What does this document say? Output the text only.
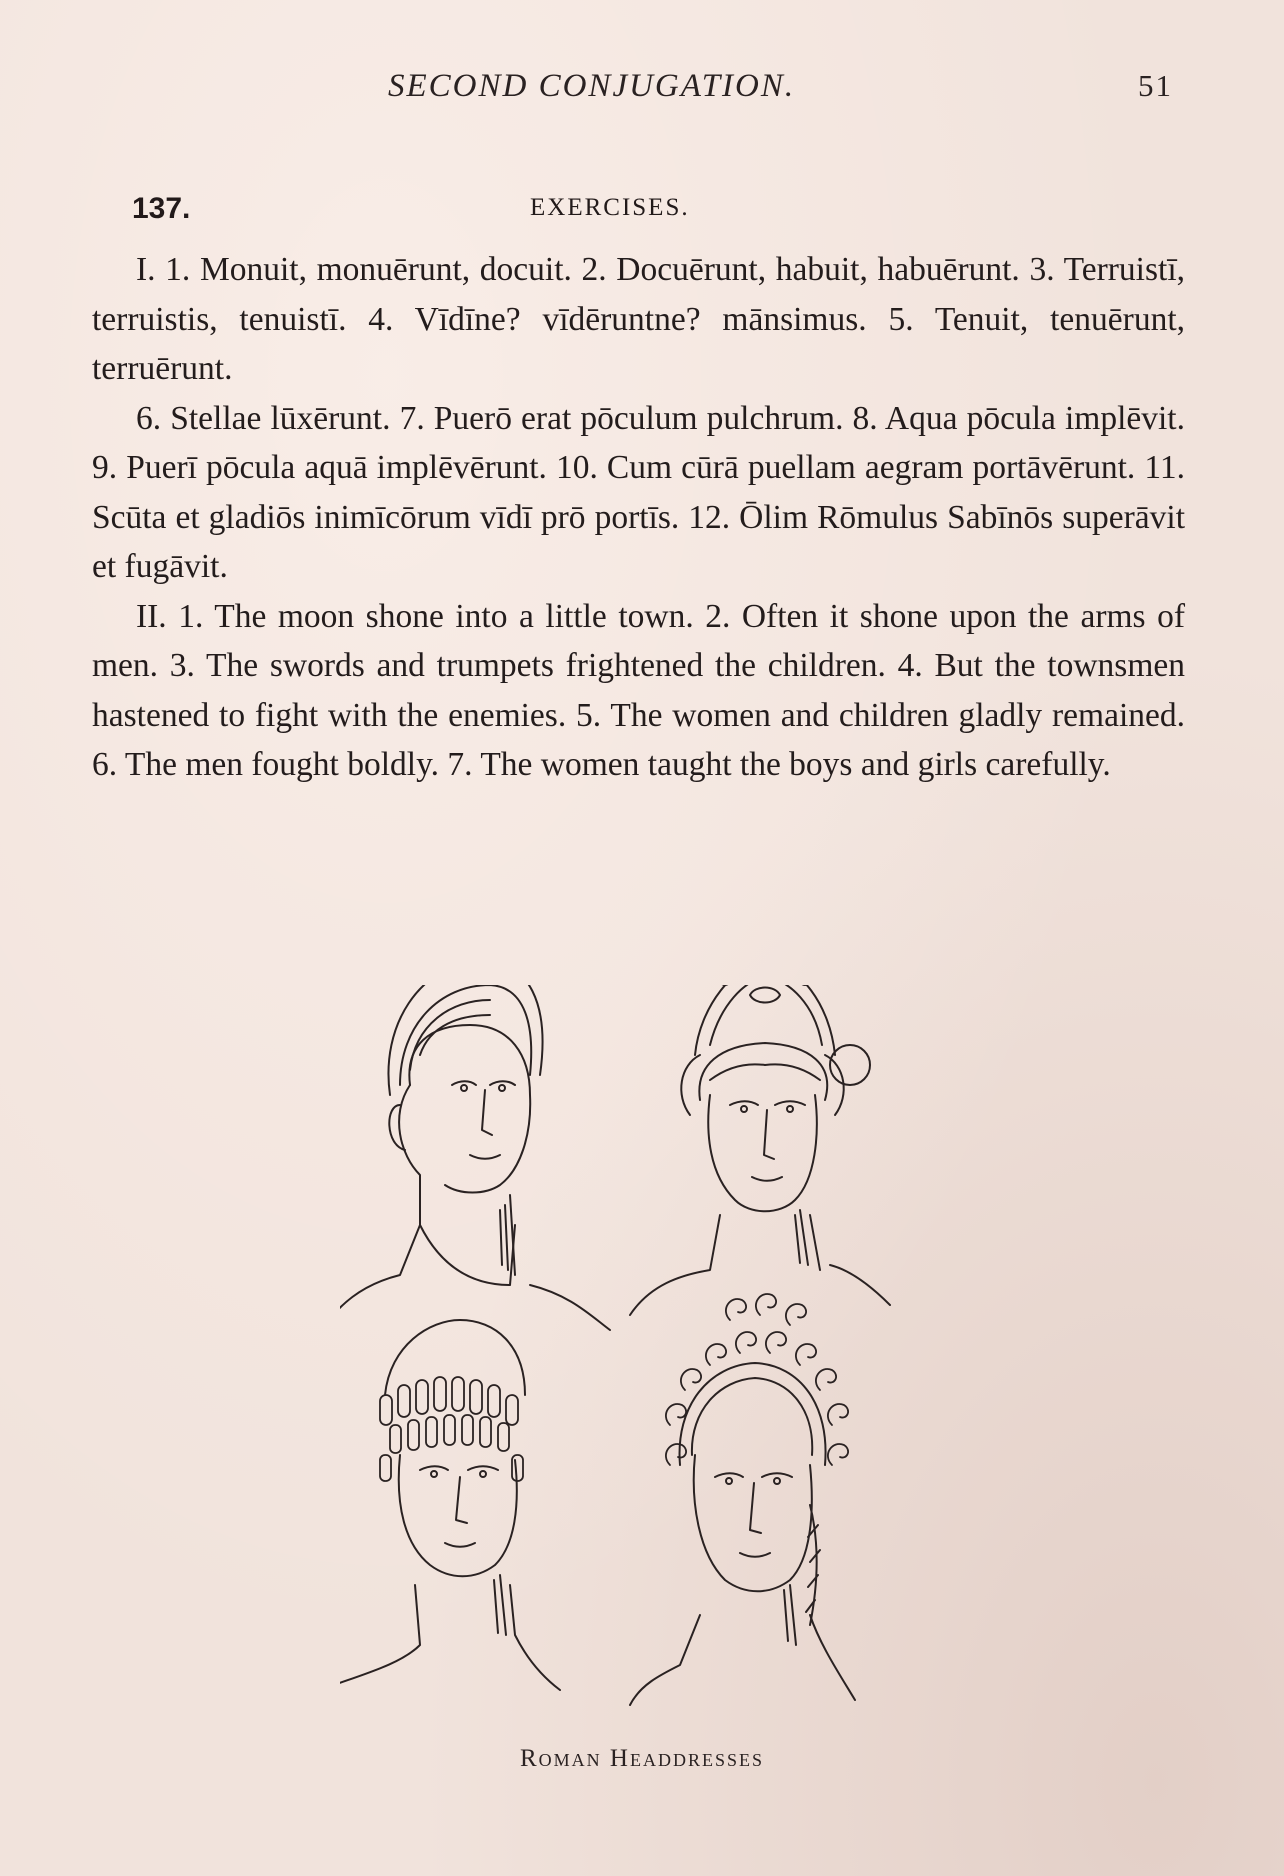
SECOND CONJUGATION.	51
137.	EXERCISES.

I. 1. Monuit, monuērunt, docuit. 2. Docuērunt, habuit, habuērunt. 3. Terruistī, terruistis, tenuistī. 4. Vīdīne? vīdēruntne? mānsimus. 5. Tenuit, tenuērunt, terruērunt.

6. Stellae lūxērunt. 7. Puerō erat pōculum pulchrum. 8. Aqua pōcula implēvit. 9. Puerī pōcula aquā implēvērunt. 10. Cum cūrā puellam aegram portāvērunt. 11. Scūta et gladiōs inimīcōrum vīdī prō portīs. 12. Ōlim Rōmulus Sabīnōs superāvit et fugāvit.

II. 1. The moon shone into a little town. 2. Often it shone upon the arms of men. 3. The swords and trumpets frightened the children. 4. But the townsmen hastened to fight with the enemies. 5. The women and children gladly remained. 6. The men fought boldly. 7. The women taught the boys and girls carefully.

Roman Headdresses
